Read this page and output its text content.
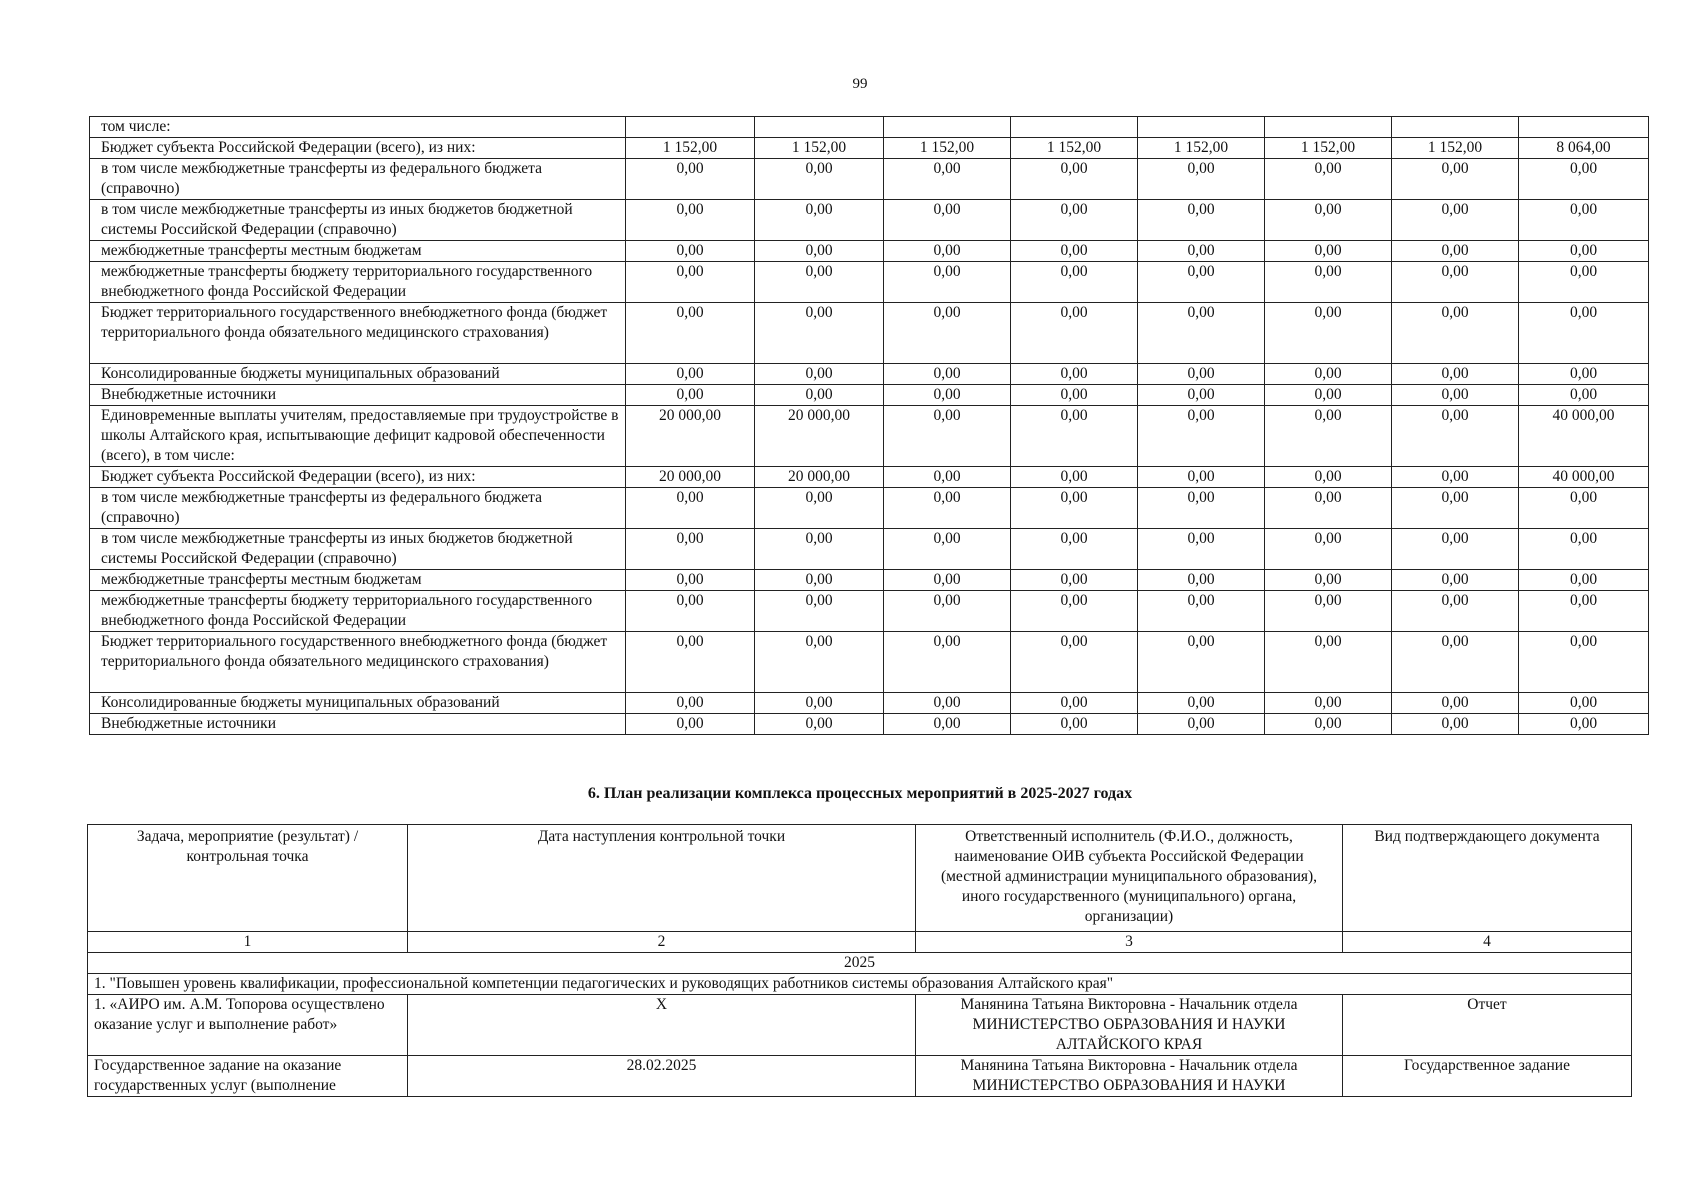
99
том числе:								
Бюджет субъекта Российской Федерации (всего), из них:	1 152,00	1 152,00	1 152,00	1 152,00	1 152,00	1 152,00	1 152,00	8 064,00
в том числе межбюджетные трансферты из федерального бюджета (справочно)	0,00	0,00	0,00	0,00	0,00	0,00	0,00	0,00
в том числе межбюджетные трансферты из иных бюджетов бюджетной системы Российской Федерации (справочно)	0,00	0,00	0,00	0,00	0,00	0,00	0,00	0,00
межбюджетные трансферты местным бюджетам	0,00	0,00	0,00	0,00	0,00	0,00	0,00	0,00
межбюджетные трансферты бюджету территориального государственного внебюджетного фонда Российской Федерации	0,00	0,00	0,00	0,00	0,00	0,00	0,00	0,00
Бюджет территориального государственного внебюджетного фонда (бюджет территориального фонда обязательного медицинского страхования)	0,00	0,00	0,00	0,00	0,00	0,00	0,00	0,00
Консолидированные бюджеты муниципальных образований	0,00	0,00	0,00	0,00	0,00	0,00	0,00	0,00
Внебюджетные источники	0,00	0,00	0,00	0,00	0,00	0,00	0,00	0,00
Единовременные выплаты учителям, предоставляемые при трудоустройстве в школы Алтайского края, испытывающие дефицит кадровой обеспеченности (всего), в том числе:	20 000,00	20 000,00	0,00	0,00	0,00	0,00	0,00	40 000,00
Бюджет субъекта Российской Федерации (всего), из них:	20 000,00	20 000,00	0,00	0,00	0,00	0,00	0,00	40 000,00
в том числе межбюджетные трансферты из федерального бюджета (справочно)	0,00	0,00	0,00	0,00	0,00	0,00	0,00	0,00
в том числе межбюджетные трансферты из иных бюджетов бюджетной системы Российской Федерации (справочно)	0,00	0,00	0,00	0,00	0,00	0,00	0,00	0,00
межбюджетные трансферты местным бюджетам	0,00	0,00	0,00	0,00	0,00	0,00	0,00	0,00
межбюджетные трансферты бюджету территориального государственного внебюджетного фонда Российской Федерации	0,00	0,00	0,00	0,00	0,00	0,00	0,00	0,00
Бюджет территориального государственного внебюджетного фонда (бюджет территориального фонда обязательного медицинского страхования)	0,00	0,00	0,00	0,00	0,00	0,00	0,00	0,00
Консолидированные бюджеты муниципальных образований	0,00	0,00	0,00	0,00	0,00	0,00	0,00	0,00
Внебюджетные источники	0,00	0,00	0,00	0,00	0,00	0,00	0,00	0,00
6. План реализации комплекса процессных мероприятий в 2025-2027 годах
Задача, мероприятие (результат) / контрольная точка	Дата наступления контрольной точки	Ответственный исполнитель (Ф.И.О., должность, наименование ОИВ субъекта Российской Федерации (местной администрации муниципального образования), иного государственного (муниципального) органа, организации)	Вид подтверждающего документа
1	2	3	4
2025			
1. "Повышен уровень квалификации, профессиональной компетенции педагогических и руководящих работников системы образования Алтайского края"			
1. «АИРО им. А.М. Топорова осуществлено оказание услуг и выполнение работ»	X	Манянина Татьяна Викторовна - Начальник отдела МИНИСТЕРСТВО ОБРАЗОВАНИЯ И НАУКИ АЛТАЙСКОГО КРАЯ	Отчет
Государственное задание на оказание государственных услуг (выполнение	28.02.2025	Манянина Татьяна Викторовна - Начальник отдела МИНИСТЕРСТВО ОБРАЗОВАНИЯ И НАУКИ	Государственное задание
